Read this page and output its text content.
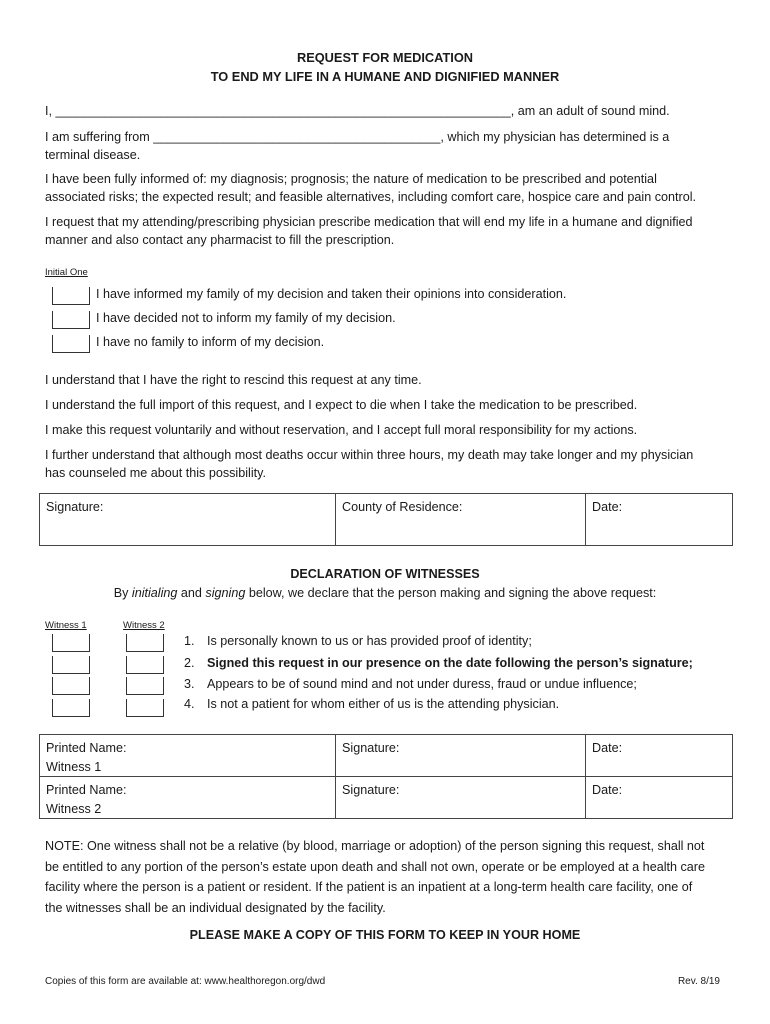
REQUEST FOR MEDICATION
TO END MY LIFE IN A HUMANE AND DIGNIFIED MANNER
I, _________________________________________________________________, am an adult of sound mind.
I am suffering from _________________________________________, which my physician has determined is a
terminal disease.
I have been fully informed of: my diagnosis; prognosis; the nature of medication to be prescribed and potential
associated risks; the expected result; and feasible alternatives, including comfort care, hospice care and pain control.
I request that my attending/prescribing physician prescribe medication that will end my life in a humane and dignified
manner and also contact any pharmacist to fill the prescription.
Initial One
I have informed my family of my decision and taken their opinions into consideration.
I have decided not to inform my family of my decision.
I have no family to inform of my decision.
I understand that I have the right to rescind this request at any time.
I understand the full import of this request, and I expect to die when I take the medication to be prescribed.
I make this request voluntarily and without reservation, and I accept full moral responsibility for my actions.
I further understand that although most deaths occur within three hours, my death may take longer and my physician
has counseled me about this possibility.
Signature:	County of Residence:	Date:
DECLARATION OF WITNESSES
By initialing and signing below, we declare that the person making and signing the above request:
Witness 1	Witness 2
1. Is personally known to us or has provided proof of identity;
2. Signed this request in our presence on the date following the person’s signature;
3. Appears to be of sound mind and not under duress, fraud or undue influence;
4. Is not a patient for whom either of us is the attending physician.
Printed Name:
Witness 1	Signature:	Date:

Printed Name:
Witness 2	Signature:	Date:
NOTE: One witness shall not be a relative (by blood, marriage or adoption) of the person signing this request, shall not
be entitled to any portion of the person’s estate upon death and shall not own, operate or be employed at a health care
facility where the person is a patient or resident. If the patient is an inpatient at a long-term health care facility, one of
the witnesses shall be an individual designated by the facility.
PLEASE MAKE A COPY OF THIS FORM TO KEEP IN YOUR HOME
Copies of this form are available at: www.healthoregon.org/dwd	Rev. 8/19
